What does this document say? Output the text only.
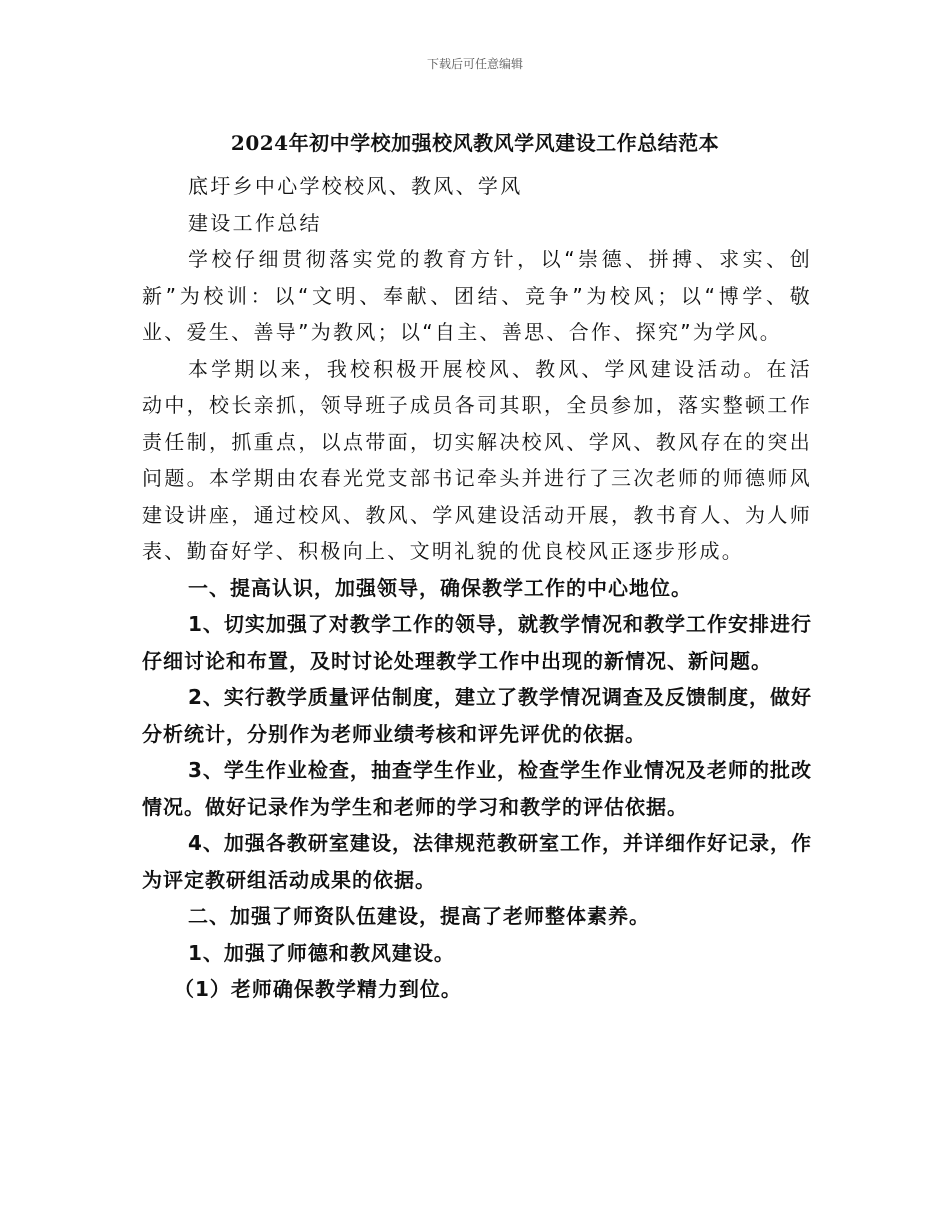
下载后可任意编辑
2024年初中学校加强校风教风学风建设工作总结范本

底圩乡中心学校校风、教风、学风

建设工作总结

学校仔细贯彻落实党的教育方针，以“崇德、拼搏、求实、创新”为校训：以“文明、奉献、团结、竞争”为校风；以“博学、敬业、爱生、善导”为教风；以“自主、善思、合作、探究”为学风。

本学期以来，我校积极开展校风、教风、学风建设活动。在活动中，校长亲抓，领导班子成员各司其职，全员参加，落实整顿工作责任制，抓重点，以点带面，切实解决校风、学风、教风存在的突出问题。本学期由农春光党支部书记牵头并进行了三次老师的师德师风建设讲座，通过校风、教风、学风建设活动开展，教书育人、为人师表、勤奋好学、积极向上、文明礼貌的优良校风正逐步形成。

一、提高认识，加强领导，确保教学工作的中心地位。

1、切实加强了对教学工作的领导，就教学情况和教学工作安排进行仔细讨论和布置，及时讨论处理教学工作中出现的新情况、新问题。

2、实行教学质量评估制度，建立了教学情况调查及反馈制度，做好分析统计，分别作为老师业绩考核和评先评优的依据。

3、学生作业检查，抽查学生作业，检查学生作业情况及老师的批改情况。做好记录作为学生和老师的学习和教学的评估依据。

4、加强各教研室建设，法律规范教研室工作，并详细作好记录，作为评定教研组活动成果的依据。

二、加强了师资队伍建设，提高了老师整体素养。

1、加强了师德和教风建设。

（1）老师确保教学精力到位。
